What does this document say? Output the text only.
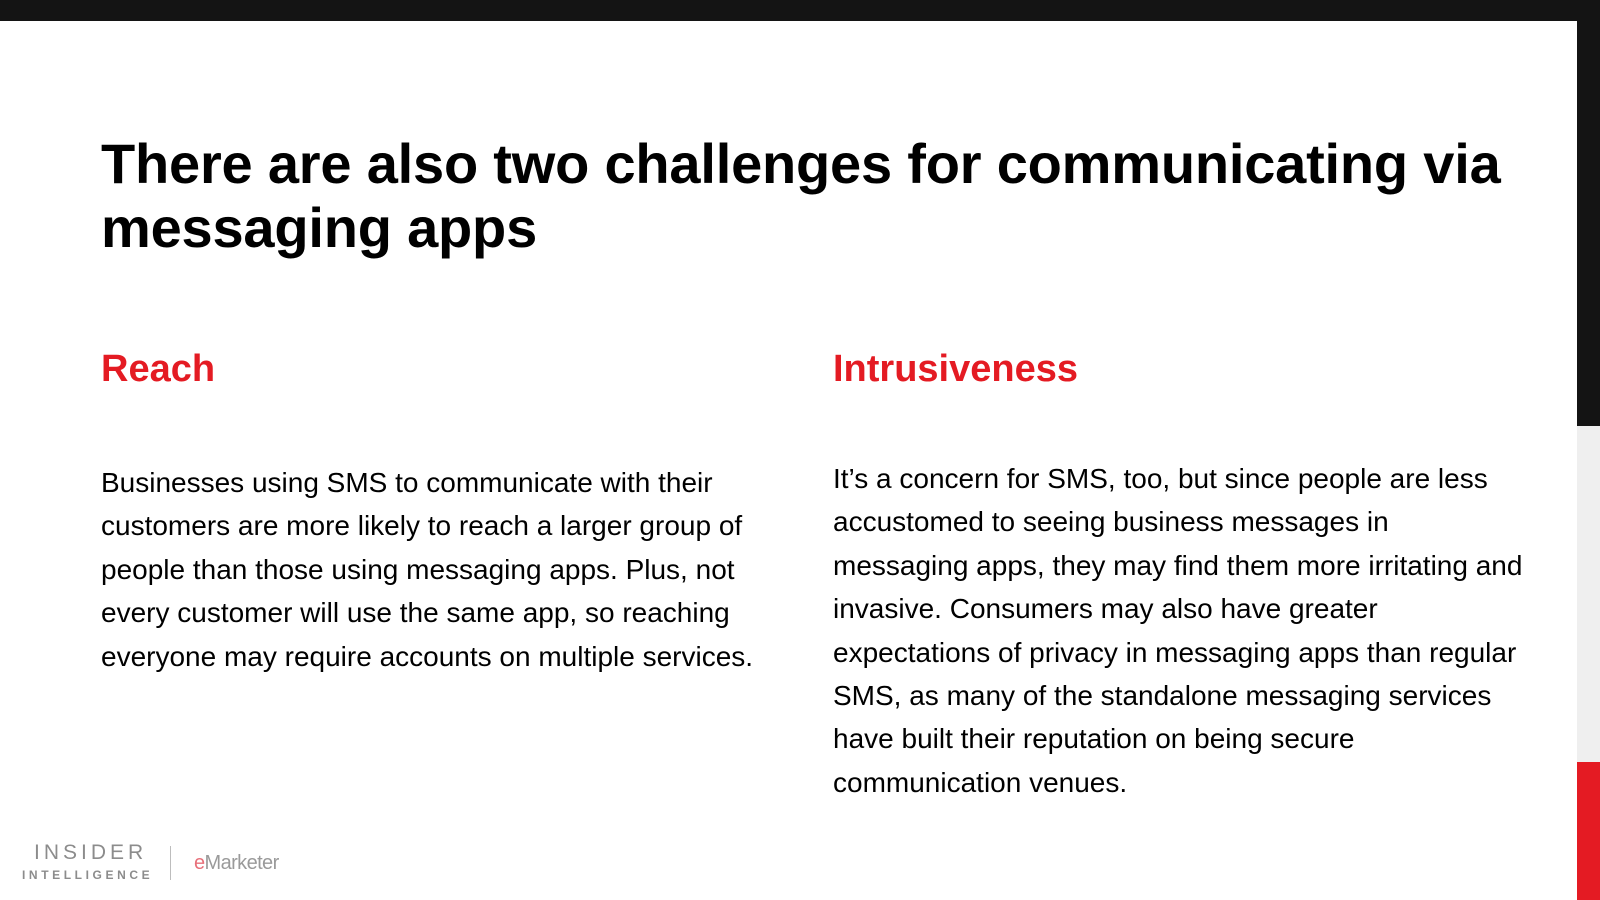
There are also two challenges for communicating via messaging apps
Reach

Businesses using SMS to communicate with their customers are more likely to reach a larger group of people than those using messaging apps. Plus, not every customer will use the same app, so reaching everyone may require accounts on multiple services.

Intrusiveness

It’s a concern for SMS, too, but since people are less accustomed to seeing business messages in messaging apps, they may find them more irritating and invasive. Consumers may also have greater expectations of privacy in messaging apps than regular SMS, as many of the standalone messaging services have built their reputation on being secure communication venues.

INSIDER
INTELLIGENCE
eMarketer
